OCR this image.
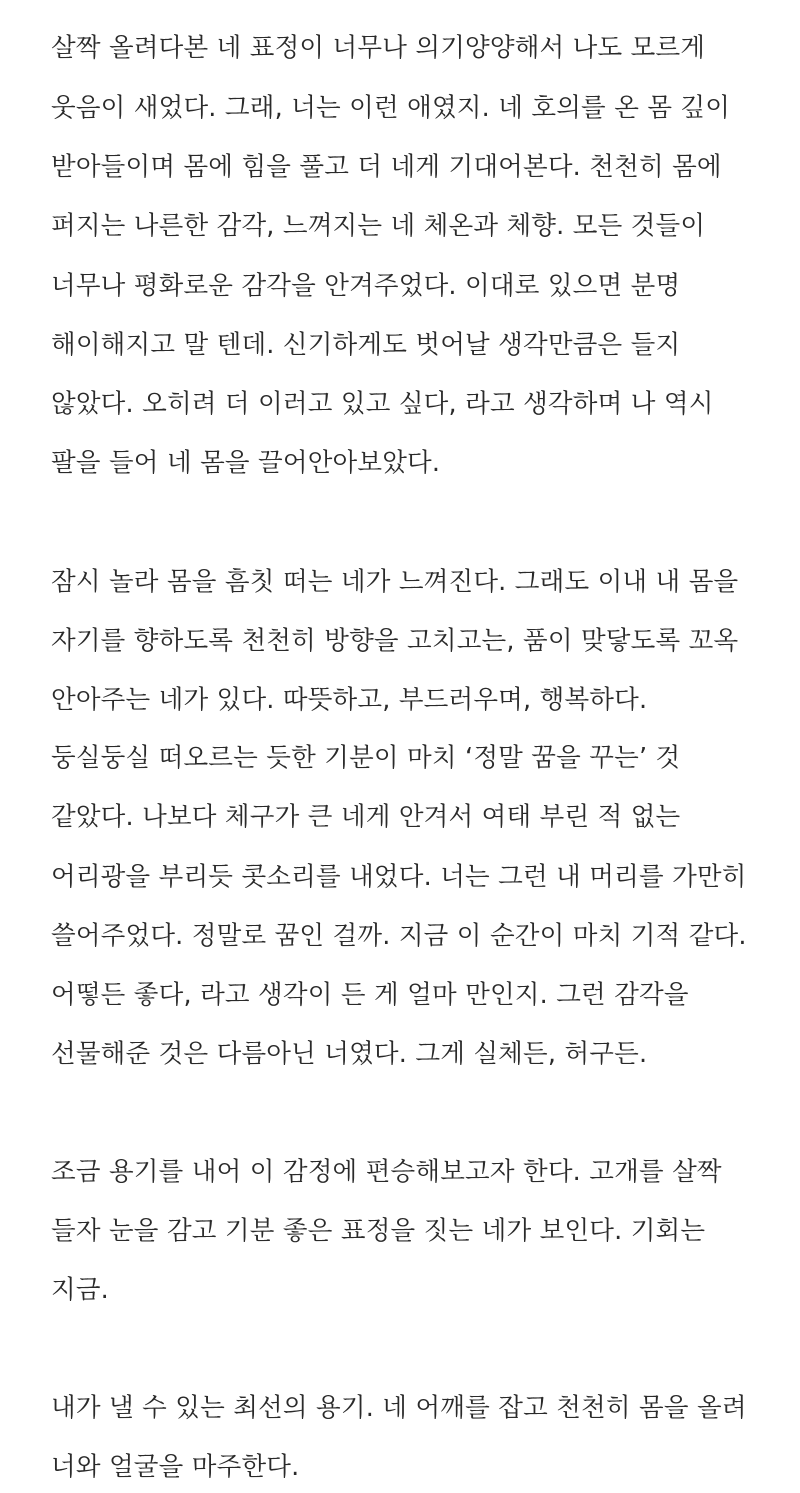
살짝 올려다본 네 표정이 너무나 의기양양해서 나도 모르게
웃음이 새었다. 그래, 너는 이런 애였지. 네 호의를 온 몸 깊이
받아들이며 몸에 힘을 풀고 더 네게 기대어본다. 천천히 몸에
퍼지는 나른한 감각, 느껴지는 네 체온과 체향. 모든 것들이
너무나 평화로운 감각을 안겨주었다. 이대로 있으면 분명
해이해지고 말 텐데. 신기하게도 벗어날 생각만큼은 들지
않았다. 오히려 더 이러고 있고 싶다, 라고 생각하며 나 역시
팔을 들어 네 몸을 끌어안아보았다.
잠시 놀라 몸을 흠칫 떠는 네가 느껴진다. 그래도 이내 내 몸을
자기를 향하도록 천천히 방향을 고치고는, 품이 맞닿도록 꼬옥
안아주는 네가 있다. 따뜻하고, 부드러우며, 행복하다.
둥실둥실 떠오르는 듯한 기분이 마치 ‘정말 꿈을 꾸는’ 것
같았다. 나보다 체구가 큰 네게 안겨서 여태 부린 적 없는
어리광을 부리듯 콧소리를 내었다. 너는 그런 내 머리를 가만히
쓸어주었다. 정말로 꿈인 걸까. 지금 이 순간이 마치 기적 같다.
어떻든 좋다, 라고 생각이 든 게 얼마 만인지. 그런 감각을
선물해준 것은 다름아닌 너였다. 그게 실체든, 허구든.
조금 용기를 내어 이 감정에 편승해보고자 한다. 고개를 살짝
들자 눈을 감고 기분 좋은 표정을 짓는 네가 보인다. 기회는
지금.
내가 낼 수 있는 최선의 용기. 네 어깨를 잡고 천천히 몸을 올려
너와 얼굴을 마주한다.
